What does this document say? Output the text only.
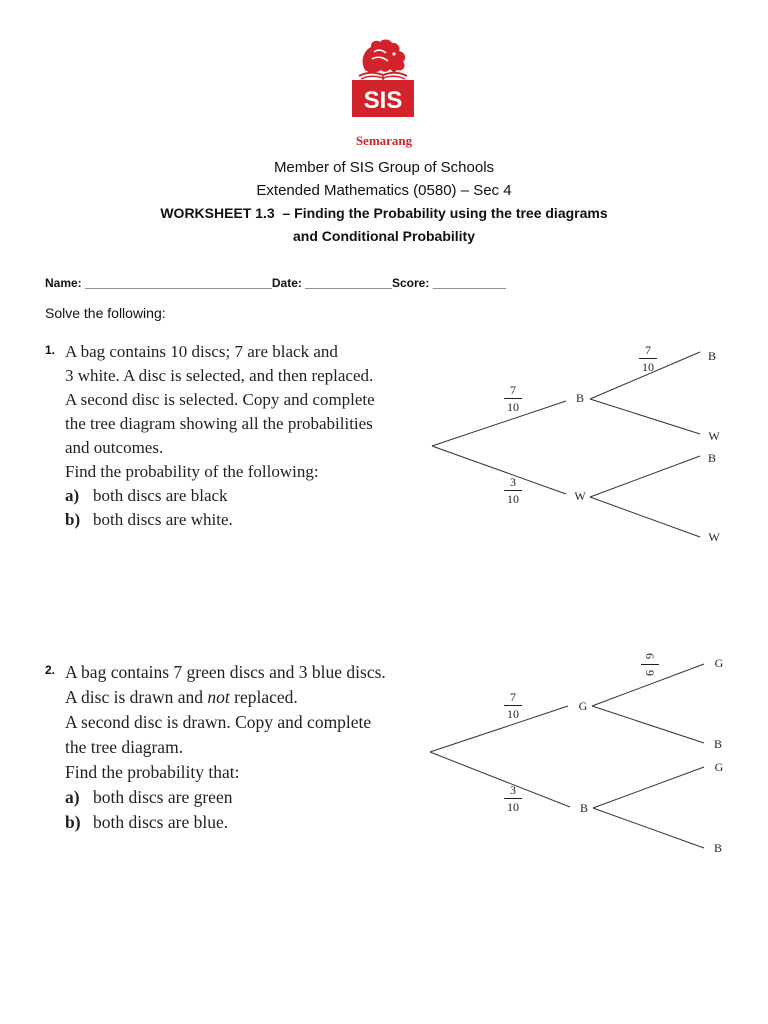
SIS
Semarang
Member of SIS Group of Schools
Extended Mathematics (0580) – Sec 4
WORKSHEET 1.3  – Finding the Probability using the tree diagrams
and Conditional Probability
Name: ____________________________Date: _____________Score: ___________
Solve the following:
1. A bag contains 10 discs; 7 are black and
3 white. A disc is selected, and then replaced.
A second disc is selected. Copy and complete
the tree diagram showing all the probabilities
and outcomes.
Find the probability of the following:
a) both discs are black
b) both discs are white.
2. A bag contains 7 green discs and 3 blue discs.
A disc is drawn and not replaced.
A second disc is drawn. Copy and complete
the tree diagram.
Find the probability that:
a) both discs are green
b) both discs are blue.
7
10
3
10
7
10
B
W
B
W
B
W
7
10
3
10
6
9
G
B
G
B
G
B
